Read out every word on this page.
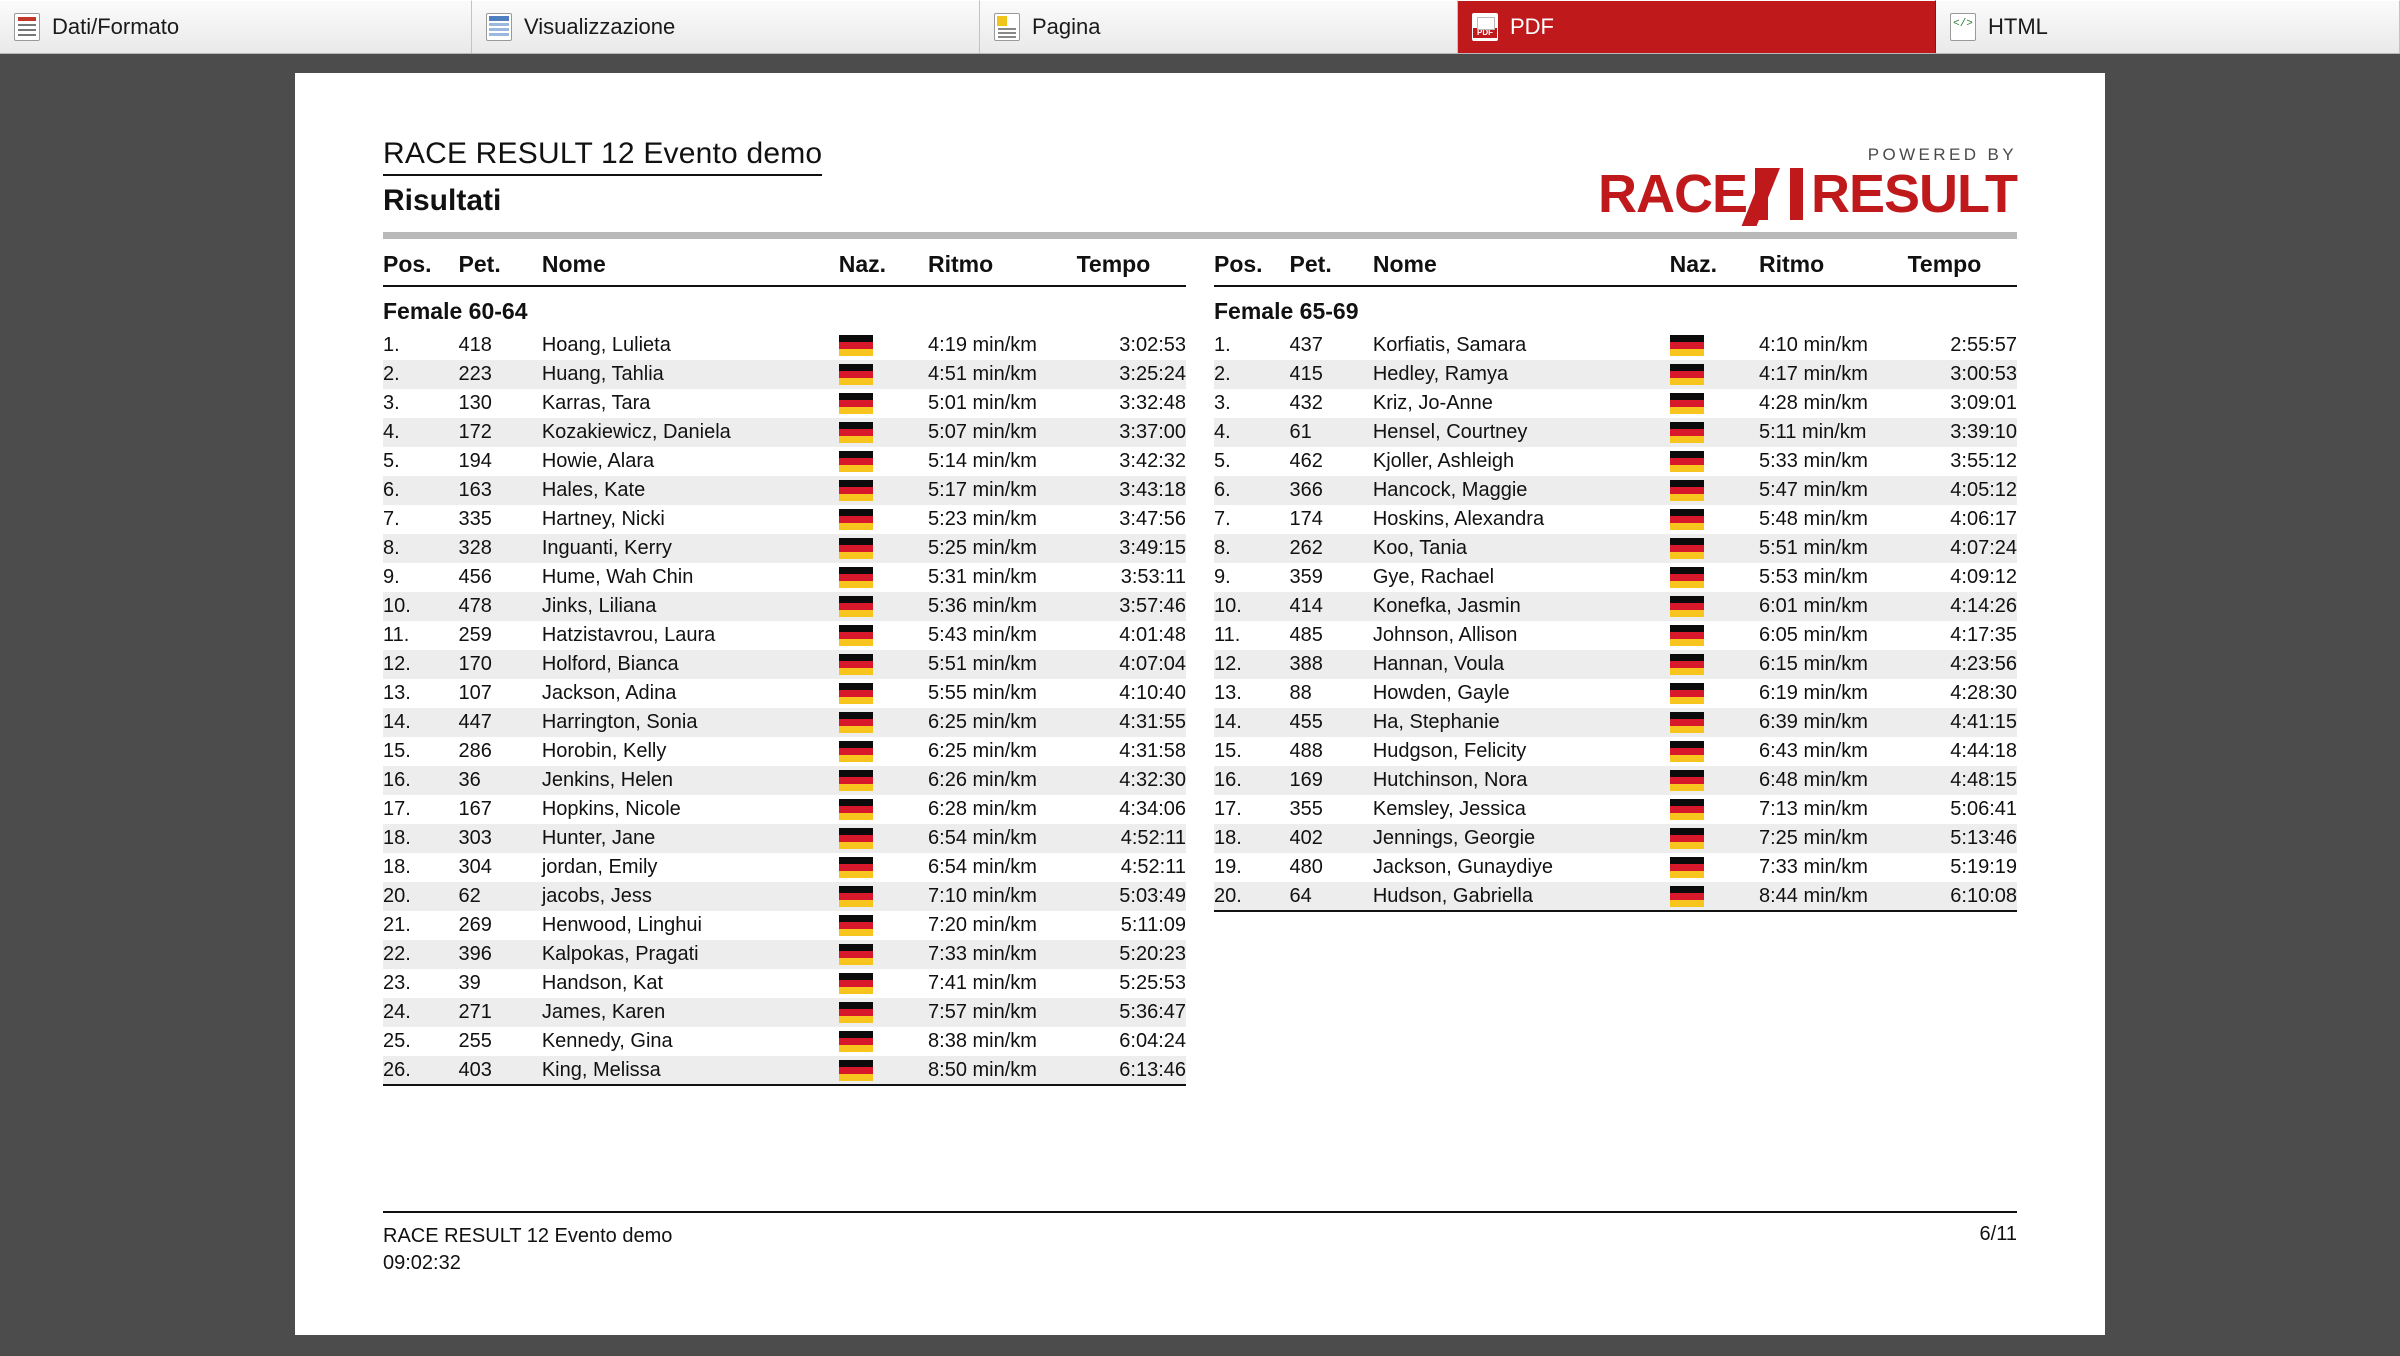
Dati/Formato	Visualizzazione	Pagina PDF	PDF </>	HTML
RACE RESULT 12 Evento demo
Risultati
POWERED BY
RACE RESULT
Pos.	Pet.	Nome	Naz.	Ritmo	Tempo
Female 60-64					
1.	418	Hoang, Lulieta		4:19 min/km	3:02:53
2.	223	Huang, Tahlia		4:51 min/km	3:25:24
3.	130	Karras, Tara		5:01 min/km	3:32:48
4.	172	Kozakiewicz, Daniela		5:07 min/km	3:37:00
5.	194	Howie, Alara		5:14 min/km	3:42:32
6.	163	Hales, Kate		5:17 min/km	3:43:18
7.	335	Hartney, Nicki		5:23 min/km	3:47:56
8.	328	Inguanti, Kerry		5:25 min/km	3:49:15
9.	456	Hume, Wah Chin		5:31 min/km	3:53:11
10.	478	Jinks, Liliana		5:36 min/km	3:57:46
11.	259	Hatzistavrou, Laura		5:43 min/km	4:01:48
12.	170	Holford, Bianca		5:51 min/km	4:07:04
13.	107	Jackson, Adina		5:55 min/km	4:10:40
14.	447	Harrington, Sonia		6:25 min/km	4:31:55
15.	286	Horobin, Kelly		6:25 min/km	4:31:58
16.	36	Jenkins, Helen		6:26 min/km	4:32:30
17.	167	Hopkins, Nicole		6:28 min/km	4:34:06
18.	303	Hunter, Jane		6:54 min/km	4:52:11
18.	304	jordan, Emily		6:54 min/km	4:52:11
20.	62	jacobs, Jess		7:10 min/km	5:03:49
21.	269	Henwood, Linghui		7:20 min/km	5:11:09
22.	396	Kalpokas, Pragati		7:33 min/km	5:20:23
23.	39	Handson, Kat		7:41 min/km	5:25:53
24.	271	James, Karen		7:57 min/km	5:36:47
25.	255	Kennedy, Gina		8:38 min/km	6:04:24
26.	403	King, Melissa		8:50 min/km	6:13:46
Pos.	Pet.	Nome	Naz.	Ritmo	Tempo
Female 65-69					
1.	437	Korfiatis, Samara		4:10 min/km	2:55:57
2.	415	Hedley, Ramya		4:17 min/km	3:00:53
3.	432	Kriz, Jo-Anne		4:28 min/km	3:09:01
4.	61	Hensel, Courtney		5:11 min/km	3:39:10
5.	462	Kjoller, Ashleigh		5:33 min/km	3:55:12
6.	366	Hancock, Maggie		5:47 min/km	4:05:12
7.	174	Hoskins, Alexandra		5:48 min/km	4:06:17
8.	262	Koo, Tania		5:51 min/km	4:07:24
9.	359	Gye, Rachael		5:53 min/km	4:09:12
10.	414	Konefka, Jasmin		6:01 min/km	4:14:26
11.	485	Johnson, Allison		6:05 min/km	4:17:35
12.	388	Hannan, Voula		6:15 min/km	4:23:56
13.	88	Howden, Gayle		6:19 min/km	4:28:30
14.	455	Ha, Stephanie		6:39 min/km	4:41:15
15.	488	Hudgson, Felicity		6:43 min/km	4:44:18
16.	169	Hutchinson, Nora		6:48 min/km	4:48:15
17.	355	Kemsley, Jessica		7:13 min/km	5:06:41
18.	402	Jennings, Georgie		7:25 min/km	5:13:46
19.	480	Jackson, Gunaydiye		7:33 min/km	5:19:19
20.	64	Hudson, Gabriella		8:44 min/km	6:10:08
RACE RESULT 12 Evento demo
09:02:32
6/11
